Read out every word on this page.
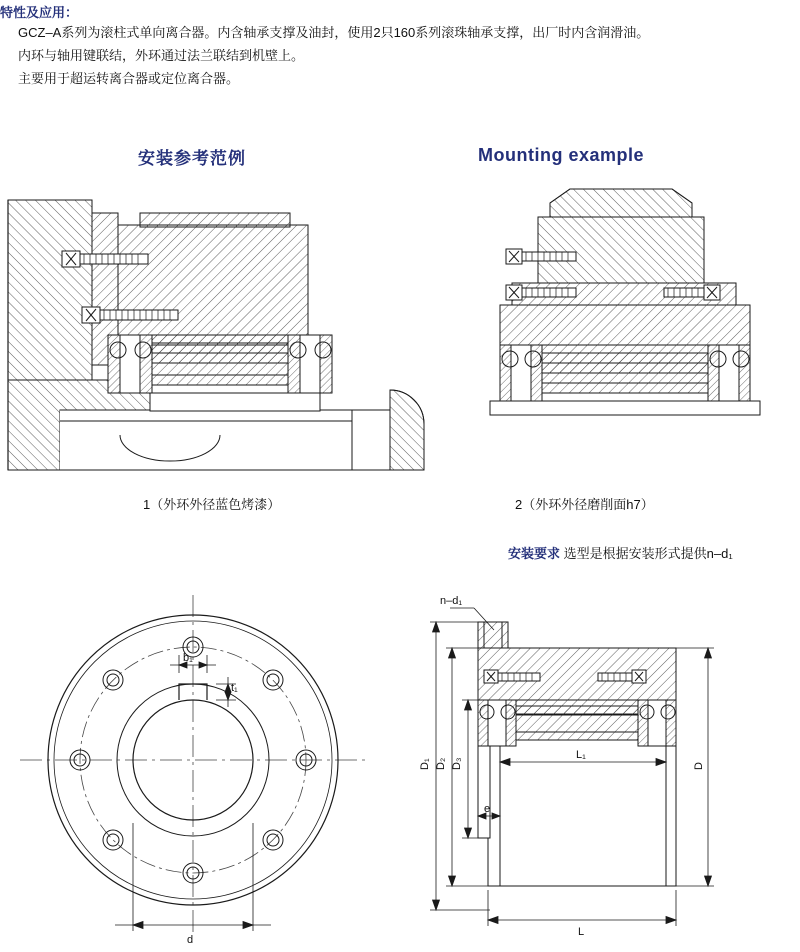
特性及应用：
GCZ–A系列为滚柱式单向离合器。内含轴承支撑及油封，使用2只160系列滚珠轴承支撑，出厂时内含润滑油。
内环与轴用键联结，外环通过法兰联结到机壁上。
主要用于超运转离合器或定位离合器。
安装参考范例	Mounting example
1（外环外径蓝色烤漆）	2（外环外径磨削面h7）
安装要求 选型是根据安装形式提供n–d₁
b₁
t₁
d
n–d₁
D₁ D₂ D₃	D
L₁
L
e
